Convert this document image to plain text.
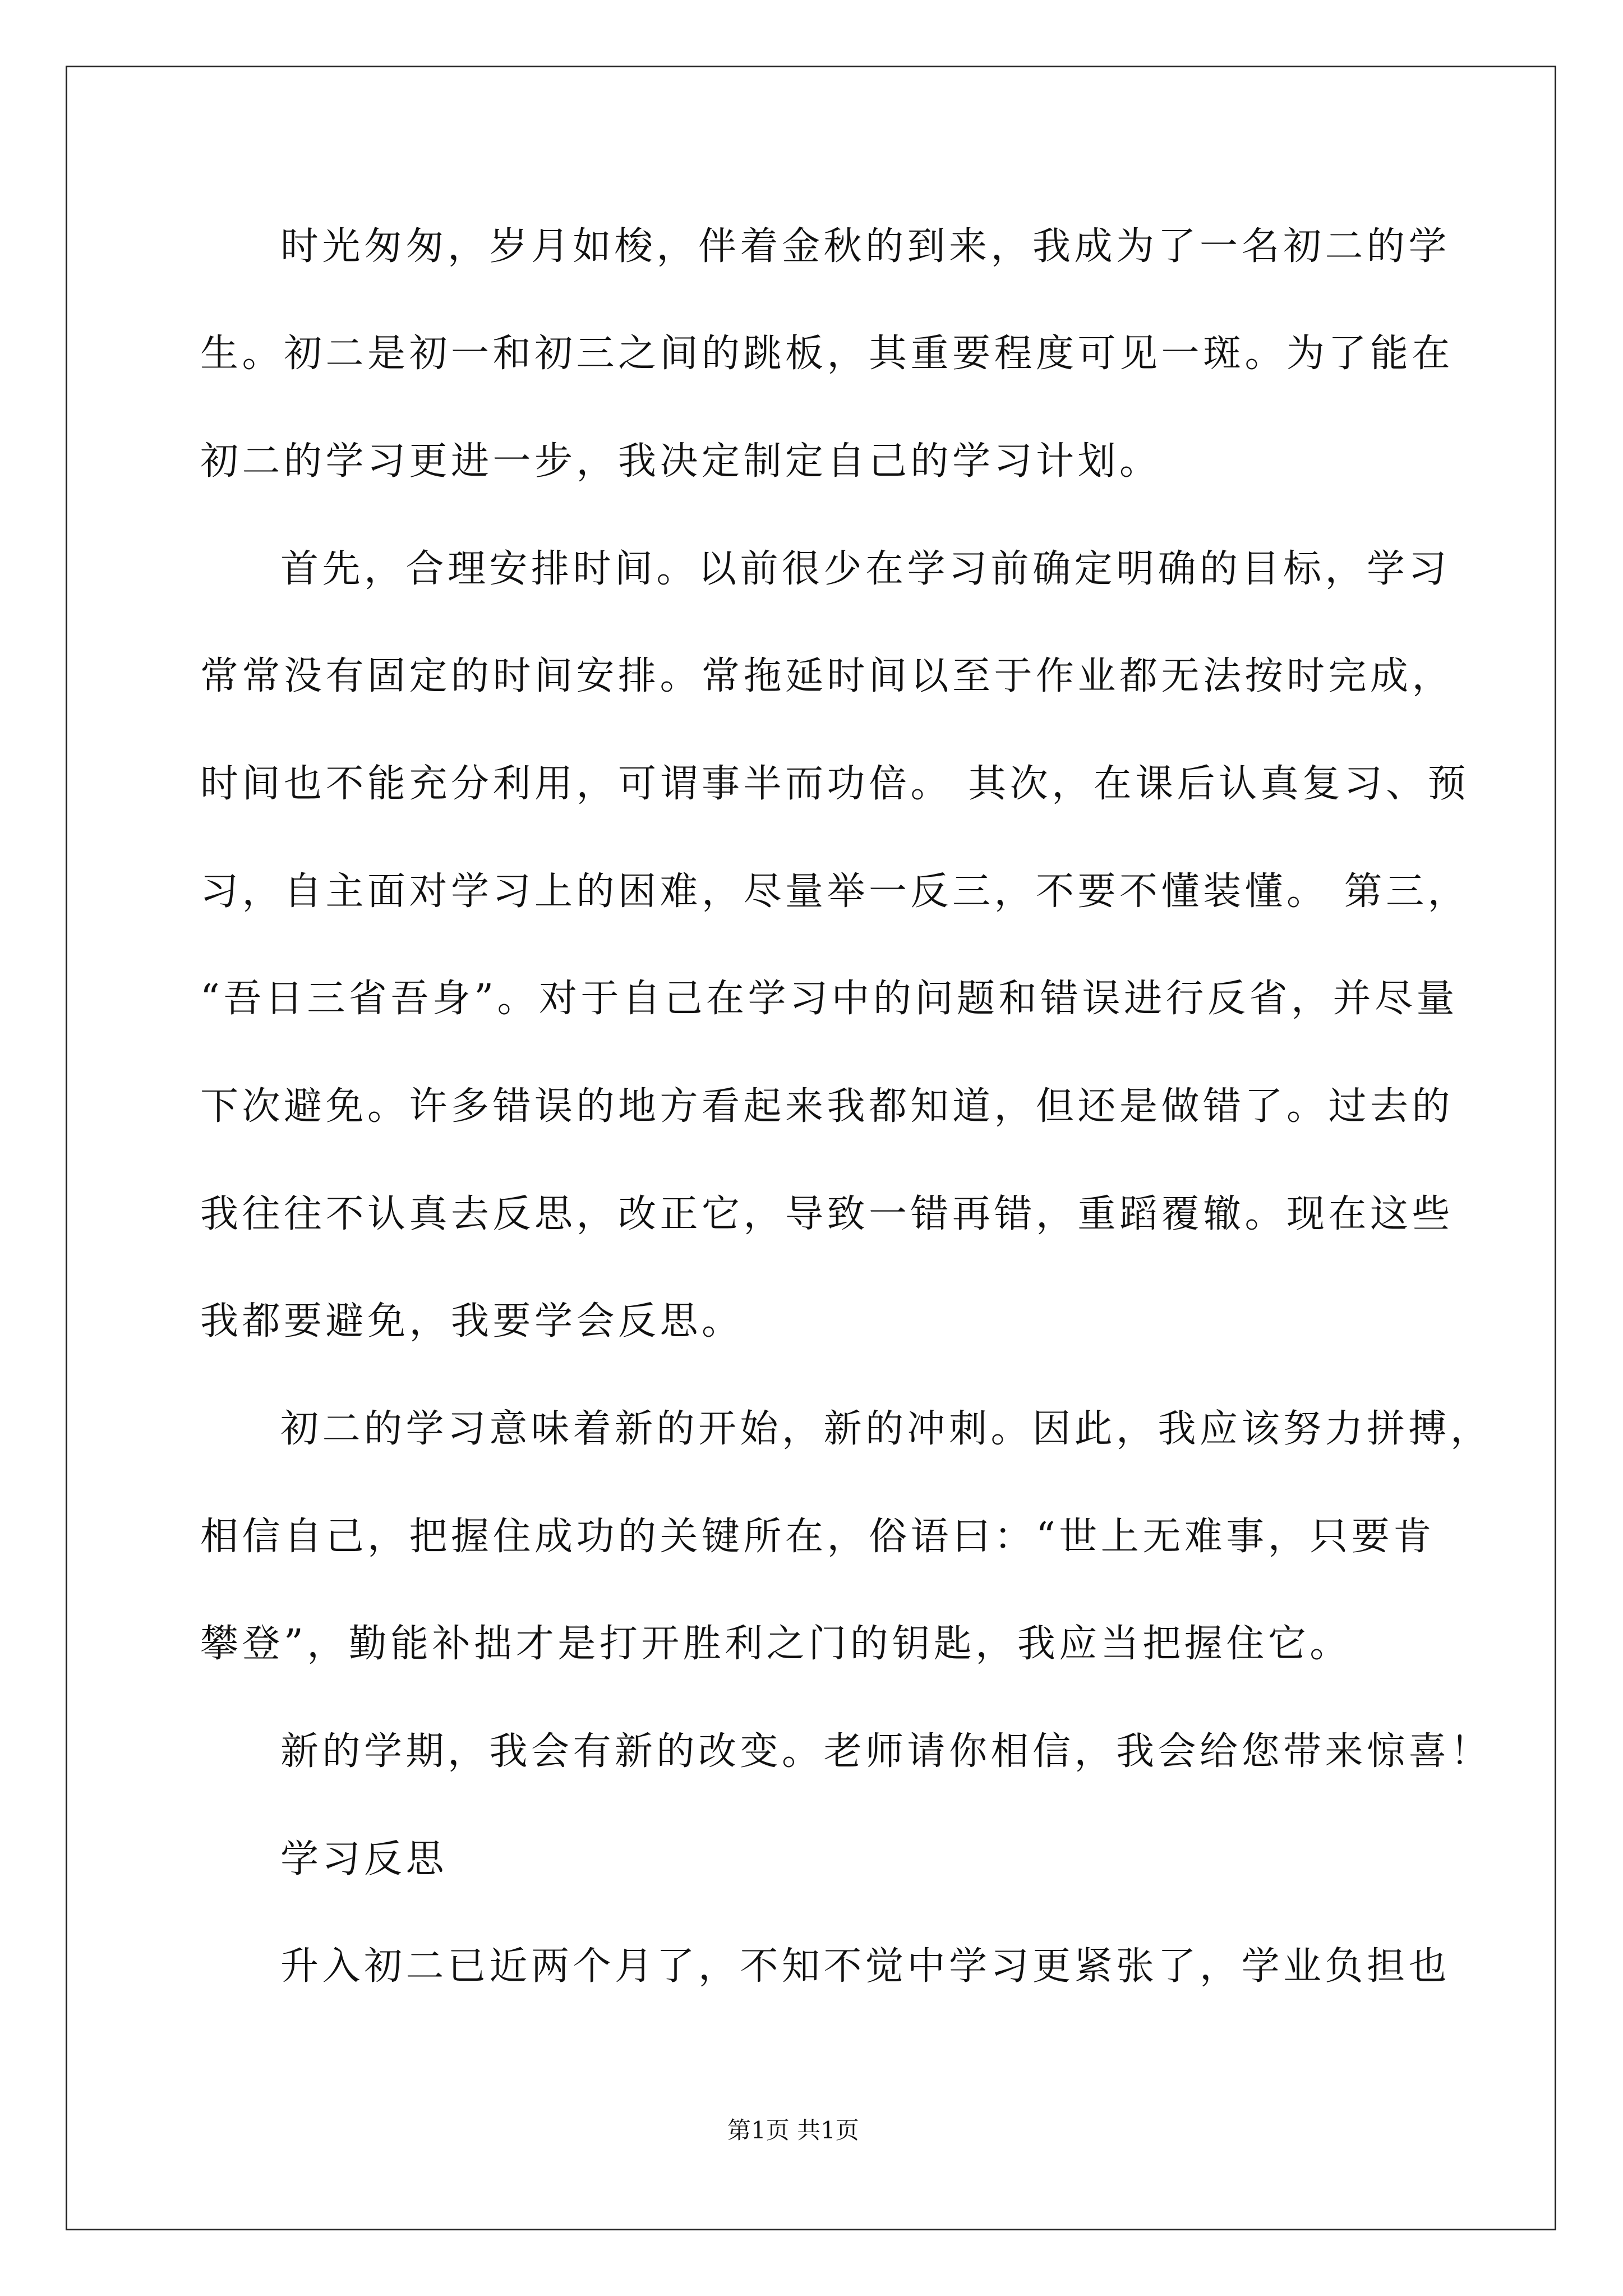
时光匆匆，岁月如梭，伴着金秋的到来，我成为了一名初二的学
生。初二是初一和初三之间的跳板，其重要程度可见一斑。为了能在
初二的学习更进一步，我决定制定自己的学习计划。
首先，合理安排时间。以前很少在学习前确定明确的目标，学习
常常没有固定的时间安排。常拖延时间以至于作业都无法按时完成，
时间也不能充分利用，可谓事半而功倍。 其次，在课后认真复习、预
习，自主面对学习上的困难，尽量举一反三，不要不懂装懂。 第三，
“吾日三省吾身”。对于自己在学习中的问题和错误进行反省，并尽量
下次避免。许多错误的地方看起来我都知道，但还是做错了。过去的
我往往不认真去反思，改正它，导致一错再错，重蹈覆辙。现在这些
我都要避免，我要学会反思。
初二的学习意味着新的开始，新的冲刺。因此，我应该努力拼搏，
相信自己，把握住成功的关键所在，俗语曰：“世上无难事，只要肯
攀登”，勤能补拙才是打开胜利之门的钥匙，我应当把握住它。
新的学期，我会有新的改变。老师请你相信，我会给您带来惊喜！
学习反思
升入初二已近两个月了，不知不觉中学习更紧张了，学业负担也
第1页 共1页
